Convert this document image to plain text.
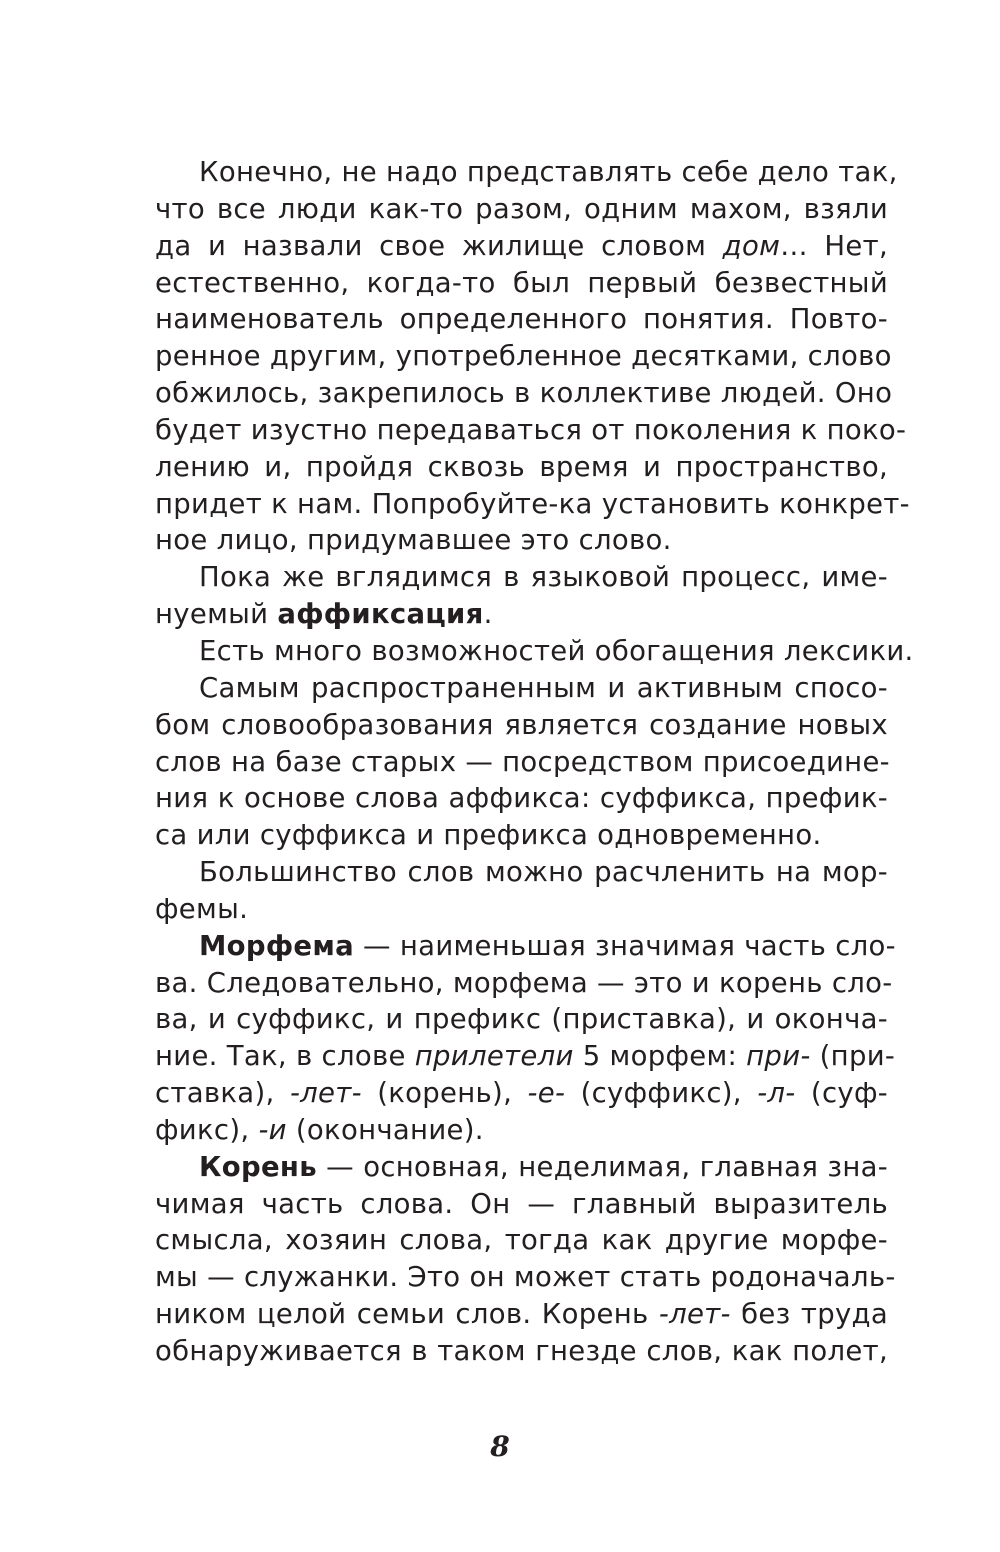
Конечно, не надо представлять себе дело так,
что все люди как-то разом, одним махом, взяли
да и назвали свое жилище словом дом… Нет,
естественно, когда-то был первый безвестный
наименователь определенного понятия. Повто-
ренное другим, употребленное десятками, слово
обжилось, закрепилось в коллективе людей. Оно
будет изустно передаваться от поколения к поко-
лению и, пройдя сквозь время и пространство,
придет к нам. Попробуйте-ка установить конкрет-
ное лицо, придумавшее это слово.
Пока же вглядимся в языковой процесс, име-
нуемый аффиксация.
Есть много возможностей обогащения лексики.
Самым распространенным и активным спосо-
бом словообразования является создание новых
слов на базе старых — посредством присоедине-
ния к основе слова аффикса: суффикса, префик-
са или суффикса и префикса одновременно.
Большинство слов можно расчленить на мор-
фемы.
Морфема — наименьшая значимая часть сло-
ва. Следовательно, морфема — это и корень сло-
ва, и суффикс, и префикс (приставка), и оконча-
ние. Так, в слове прилетели 5 морфем: при- (при-
ставка), -лет- (корень), -е- (суффикс), -л- (суф-
фикс), -и (окончание).
Корень — основная, неделимая, главная зна-
чимая часть слова. Он — главный выразитель
смысла, хозяин слова, тогда как другие морфе-
мы — служанки. Это он может стать родоначаль-
ником целой семьи слов. Корень -лет- без труда
обнаруживается в таком гнезде слов, как полет,
8
